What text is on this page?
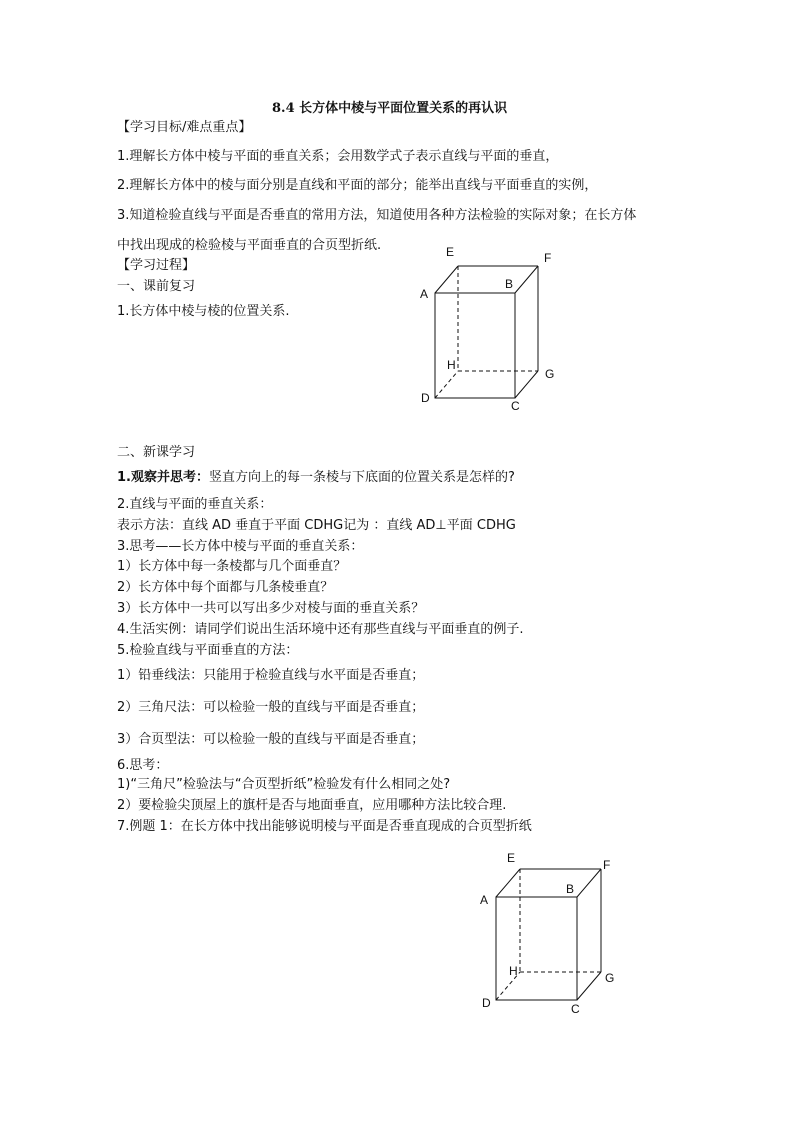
8.4 长方体中棱与平面位置关系的再认识
【学习目标/难点重点】
1.理解长方体中棱与平面的垂直关系；会用数学式子表示直线与平面的垂直，
2.理解长方体中的棱与面分别是直线和平面的部分；能举出直线与平面垂直的实例，
3.知道检验直线与平面是否垂直的常用方法，知道使用各种方法检验的实际对象；在长方体
中找出现成的检验棱与平面垂直的合页型折纸.
【学习过程】
一、课前复习
1.长方体中棱与棱的位置关系.
A
B
C
D
E	F
G
H
二、新课学习
1.观察并思考：竖直方向上的每一条棱与下底面的位置关系是怎样的?
2.直线与平面的垂直关系：
表示方法：直线 AD 垂直于平面 CDHG记为 ：直线 AD⊥平面 CDHG
3.思考——长方体中棱与平面的垂直关系：
1）长方体中每一条棱都与几个面垂直？
2）长方体中每个面都与几条棱垂直？
3）长方体中一共可以写出多少对棱与面的垂直关系？
4.生活实例：请同学们说出生活环境中还有那些直线与平面垂直的例子.
5.检验直线与平面垂直的方法：
1）铅垂线法：只能用于检验直线与水平面是否垂直；
2）三角尺法：可以检验一般的直线与平面是否垂直；
3）合页型法：可以检验一般的直线与平面是否垂直；
6.思考：
1)“三角尺”检验法与“合页型折纸”检验发有什么相同之处?
2）要检验尖顶屋上的旗杆是否与地面垂直，应用哪种方法比较合理.
7.例题 1：在长方体中找出能够说明棱与平面是否垂直现成的合页型折纸
A
B
C
D
E	F
G
H
